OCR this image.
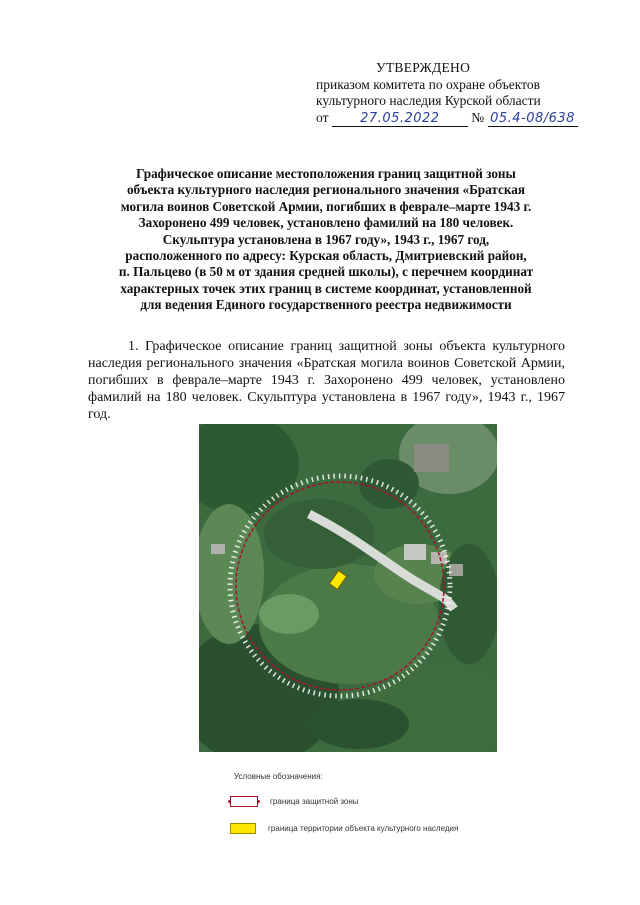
УТВЕРЖДЕНО
приказом комитета по охране объектов
культурного наследия Курской области
от 27.05.2022 № 05.4-08/638
Графическое описание местоположения границ защитной зоны
объекта культурного наследия регионального значения «Братская
могила воинов Советской Армии, погибших в феврале–марте 1943 г.
Захоронено 499 человек, установлено фамилий на 180 человек.
Скульптура установлена в 1967 году», 1943 г., 1967 год,
расположенного по адресу: Курская область, Дмитриевский район,
п. Пальцево (в 50 м от здания средней школы), с перечнем координат
характерных точек этих границ в системе координат, установленной
для ведения Единого государственного реестра недвижимости
1. Графическое описание границ защитной зоны объекта культурного наследия регионального значения «Братская могила воинов Советской Армии, погибших в феврале–марте 1943 г. Захоронено 499 человек, установлено фамилий на 180 человек. Скульптура установлена в 1967 году», 1943 г., 1967 год.
Условные обозначения:
граница защитной зоны
граница территории объекта культурного наследия
